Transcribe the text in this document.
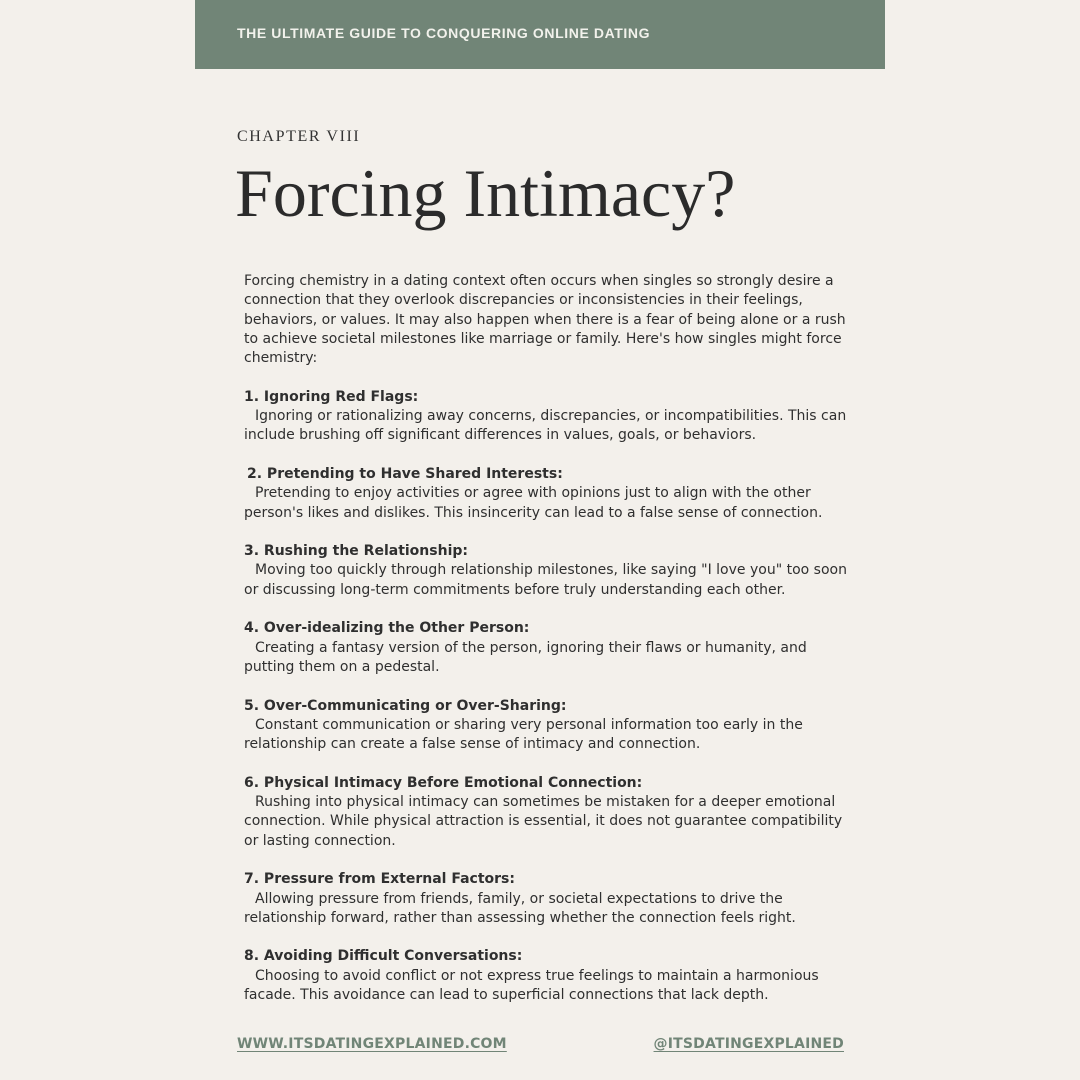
THE ULTIMATE GUIDE TO CONQUERING ONLINE DATING
CHAPTER VIII
Forcing Intimacy?

Forcing chemistry in a dating context often occurs when singles so strongly desire a connection that they overlook discrepancies or inconsistencies in their feelings, behaviors, or values. It may also happen when there is a fear of being alone or a rush to achieve societal milestones like marriage or family. Here's how singles might force chemistry:

1. Ignoring Red Flags:
Ignoring or rationalizing away concerns, discrepancies, or incompatibilities. This can include brushing off significant differences in values, goals, or behaviors.
2. Pretending to Have Shared Interests:
Pretending to enjoy activities or agree with opinions just to align with the other person's likes and dislikes. This insincerity can lead to a false sense of connection.
3. Rushing the Relationship:
Moving too quickly through relationship milestones, like saying "I love you" too soon or discussing long-term commitments before truly understanding each other.
4. Over-idealizing the Other Person:
Creating a fantasy version of the person, ignoring their flaws or humanity, and putting them on a pedestal.
5. Over-Communicating or Over-Sharing:
Constant communication or sharing very personal information too early in the relationship can create a false sense of intimacy and connection.
6. Physical Intimacy Before Emotional Connection:
Rushing into physical intimacy can sometimes be mistaken for a deeper emotional connection. While physical attraction is essential, it does not guarantee compatibility or lasting connection.
7. Pressure from External Factors:
Allowing pressure from friends, family, or societal expectations to drive the relationship forward, rather than assessing whether the connection feels right.
8. Avoiding Difficult Conversations:
Choosing to avoid conflict or not express true feelings to maintain a harmonious facade. This avoidance can lead to superficial connections that lack depth.
WWW.ITSDATINGEXPLAINED.COM	@ITSDATINGEXPLAINED
